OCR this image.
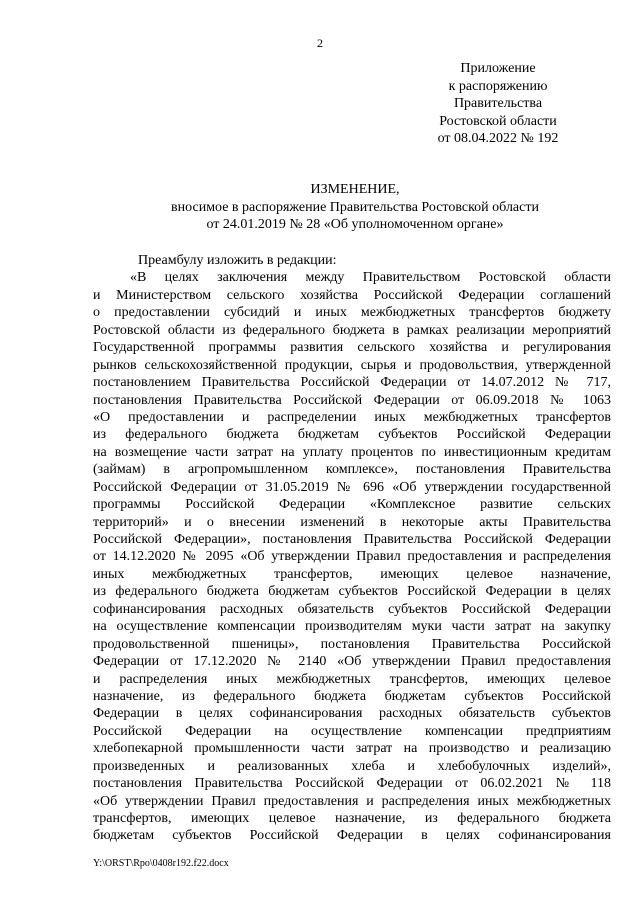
2
Приложение
к распоряжению
Правительства
Ростовской области
от 08.04.2022 № 192
ИЗМЕНЕНИЕ,
вносимое в распоряжение Правительства Ростовской области
от 24.01.2019 № 28 «Об уполномоченном органе»
Преамбулу изложить в редакции:
«В целях заключения между Правительством Ростовской области
и Министерством сельского хозяйства Российской Федерации соглашений
о предоставлении субсидий и иных межбюджетных трансфертов бюджету
Ростовской области из федерального бюджета в рамках реализации мероприятий
Государственной программы развития сельского хозяйства и регулирования
рынков сельскохозяйственной продукции, сырья и продовольствия, утвержденной
постановлением Правительства Российской Федерации от 14.07.2012 № 717,
постановления Правительства Российской Федерации от 06.09.2018 № 1063
«О предоставлении и распределении иных межбюджетных трансфертов
из федерального бюджета бюджетам субъектов Российской Федерации
на возмещение части затрат на уплату процентов по инвестиционным кредитам
(займам) в агропромышленном комплексе», постановления Правительства
Российской Федерации от 31.05.2019 № 696 «Об утверждении государственной
программы Российской Федерации «Комплексное развитие сельских
территорий» и о внесении изменений в некоторые акты Правительства
Российской Федерации», постановления Правительства Российской Федерации
от 14.12.2020 № 2095 «Об утверждении Правил предоставления и распределения
иных межбюджетных трансфертов, имеющих целевое назначение,
из федерального бюджета бюджетам субъектов Российской Федерации в целях
софинансирования расходных обязательств субъектов Российской Федерации
на осуществление компенсации производителям муки части затрат на закупку
продовольственной пшеницы», постановления Правительства Российской
Федерации от 17.12.2020 № 2140 «Об утверждении Правил предоставления
и распределения иных межбюджетных трансфертов, имеющих целевое
назначение, из федерального бюджета бюджетам субъектов Российской
Федерации в целях софинансирования расходных обязательств субъектов
Российской Федерации на осуществление компенсации предприятиям
хлебопекарной промышленности части затрат на производство и реализацию
произведенных и реализованных хлеба и хлебобулочных изделий»,
постановления Правительства Российской Федерации от 06.02.2021 № 118
«Об утверждении Правил предоставления и распределения иных межбюджетных
трансфертов, имеющих целевое назначение, из федерального бюджета
бюджетам субъектов Российской Федерации в целях софинансирования
Y:\ORST\Rpo\0408r192.f22.docx
